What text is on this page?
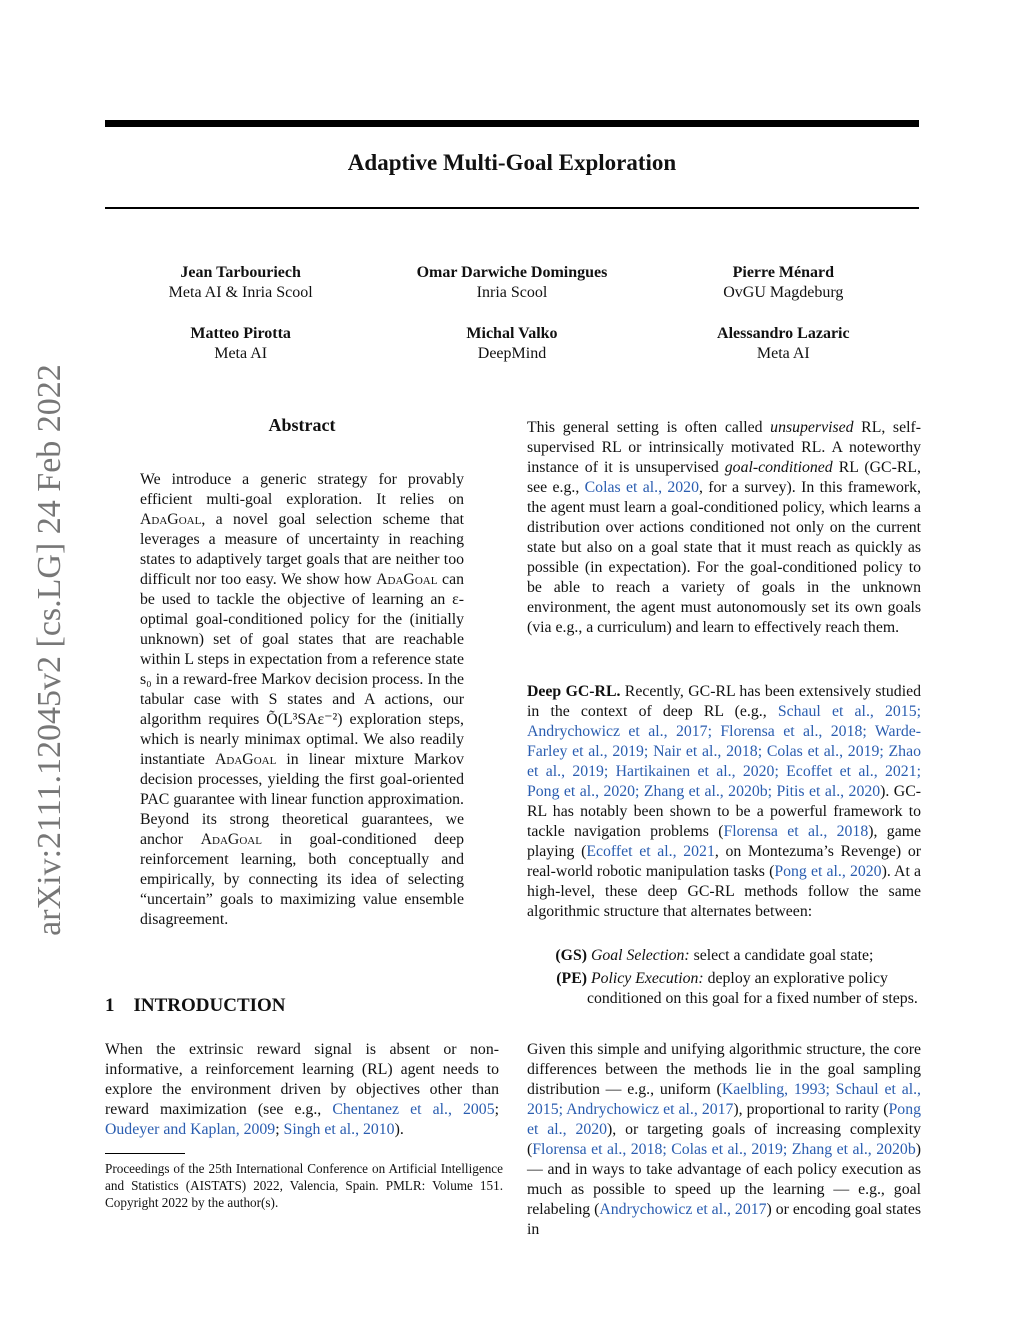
Adaptive Multi-Goal Exploration
Jean Tarbouriech
Meta AI & Inria Scool
Omar Darwiche Domingues
Inria Scool
Pierre Ménard
OvGU Magdeburg
Matteo Pirotta
Meta AI
Michal Valko
DeepMind
Alessandro Lazaric
Meta AI
arXiv:2111.12045v2 [cs.LG] 24 Feb 2022	Abstract
We introduce a generic strategy for provably efficient multi-goal exploration. It relies on AdaGoal, a novel goal selection scheme that leverages a measure of uncertainty in reaching states to adaptively target goals that are neither too difficult nor too easy. We show how AdaGoal can be used to tackle the objective of learning an ε-optimal goal-conditioned policy for the (initially unknown) set of goal states that are reachable within L steps in expectation from a reference state s₀ in a reward-free Markov decision process. In the tabular case with S states and A actions, our algorithm requires Õ(L³SAε⁻²) exploration steps, which is nearly minimax optimal. We also readily instantiate AdaGoal in linear mixture Markov decision processes, yielding the first goal-oriented PAC guarantee with linear function approximation. Beyond its strong theoretical guarantees, we anchor AdaGoal in goal-conditioned deep reinforcement learning, both conceptually and empirically, by connecting its idea of selecting “uncertain” goals to maximizing value ensemble disagreement.
1 INTRODUCTION
When the extrinsic reward signal is absent or non-informative, a reinforcement learning (RL) agent needs to explore the environment driven by objectives other than reward maximization (see e.g., Chentanez et al., 2005; Oudeyer and Kaplan, 2009; Singh et al., 2010).
Proceedings of the 25th International Conference on Artificial Intelligence and Statistics (AISTATS) 2022, Valencia, Spain. PMLR: Volume 151. Copyright 2022 by the author(s).
This general setting is often called unsupervised RL, self-supervised RL or intrinsically motivated RL. A noteworthy instance of it is unsupervised goal-conditioned RL (GC-RL, see e.g., Colas et al., 2020, for a survey). In this framework, the agent must learn a goal-conditioned policy, which learns a distribution over actions conditioned not only on the current state but also on a goal state that it must reach as quickly as possible (in expectation). For the goal-conditioned policy to be able to reach a variety of goals in the unknown environment, the agent must autonomously set its own goals (via e.g., a curriculum) and learn to effectively reach them.
Deep GC-RL. Recently, GC-RL has been extensively studied in the context of deep RL (e.g., Schaul et al., 2015; Andrychowicz et al., 2017; Florensa et al., 2018; Warde-Farley et al., 2019; Nair et al., 2018; Colas et al., 2019; Zhao et al., 2019; Hartikainen et al., 2020; Ecoffet et al., 2021; Pong et al., 2020; Zhang et al., 2020b; Pitis et al., 2020). GC-RL has notably been shown to be a powerful framework to tackle navigation problems (Florensa et al., 2018), game playing (Ecoffet et al., 2021, on Montezuma’s Revenge) or real-world robotic manipulation tasks (Pong et al., 2020). At a high-level, these deep GC-RL methods follow the same algorithmic structure that alternates between:
(GS) Goal Selection: select a candidate goal state;
(PE) Policy Execution: deploy an explorative policy conditioned on this goal for a fixed number of steps.
Given this simple and unifying algorithmic structure, the core differences between the methods lie in the goal sampling distribution — e.g., uniform (Kaelbling, 1993; Schaul et al., 2015; Andrychowicz et al., 2017), proportional to rarity (Pong et al., 2020), or targeting goals of increasing complexity (Florensa et al., 2018; Colas et al., 2019; Zhang et al., 2020b) — and in ways to take advantage of each policy execution as much as possible to speed up the learning — e.g., goal relabeling (Andrychowicz et al., 2017) or encoding goal states in
